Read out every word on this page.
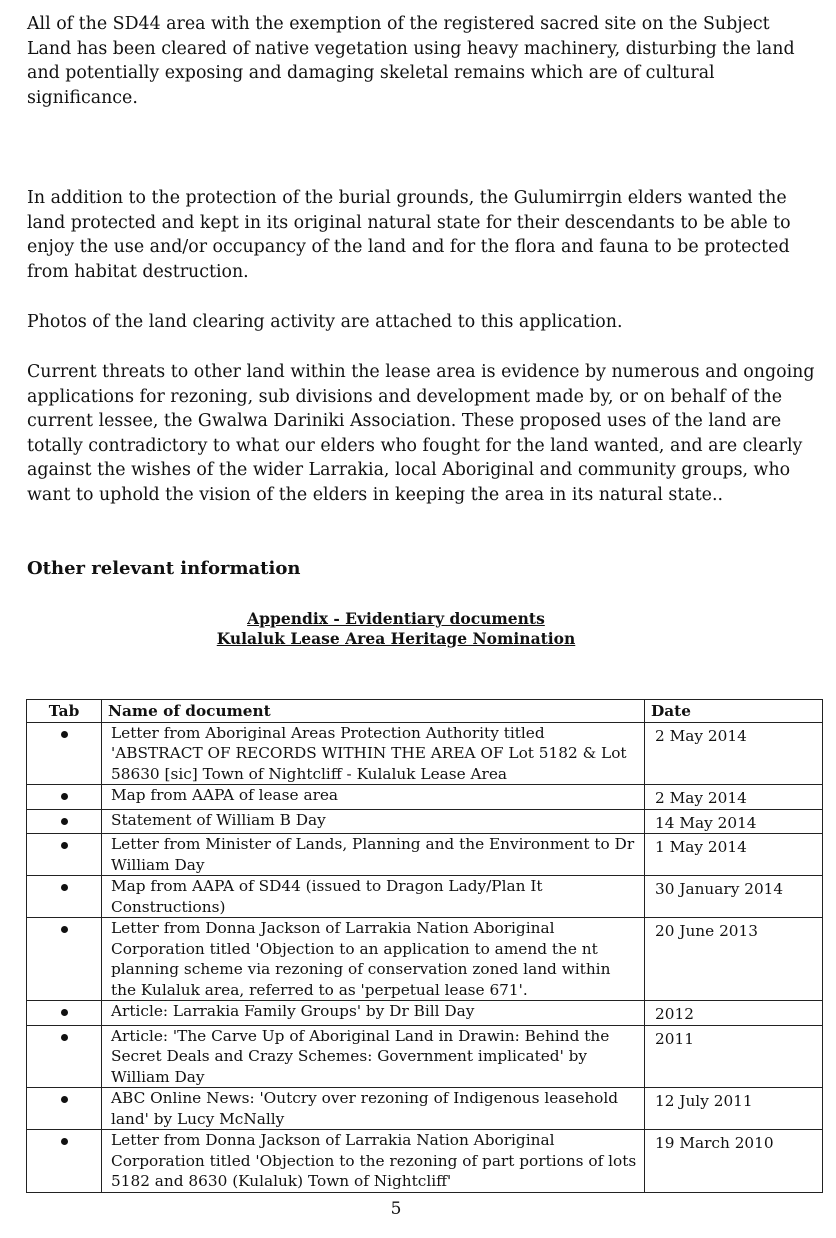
All of the SD44 area with the exemption of the registered sacred site on the Subject Land has been cleared of native vegetation using heavy machinery, disturbing the land and potentially exposing and damaging skeletal remains which are of cultural significance.

In addition to the protection of the burial grounds, the Gulumirrgin elders wanted the land protected and kept in its original natural state for their descendants to be able to enjoy the use and/or occupancy of the land and for the flora and fauna to be protected from habitat destruction.

Photos of the land clearing activity are attached to this application.

Current threats to other land within the lease area is evidence by numerous and ongoing applications for rezoning, sub divisions and development made by, or on behalf of the current lessee, the Gwalwa Dariniki Association. These proposed uses of the land are totally contradictory to what our elders who fought for the land wanted, and are clearly against the wishes of the wider Larrakia, local Aboriginal and community groups, who want to uphold the vision of the elders in keeping the area in its natural state..

Other relevant information

Appendix - Evidentiary documents

Kulaluk Lease Area Heritage Nomination

Tab	Name of document	Date
	Letter from Aboriginal Areas Protection Authority titled 'ABSTRACT OF RECORDS WITHIN THE AREA OF Lot 5182 & Lot 58630 [sic] Town of Nightcliff - Kulaluk Lease Area	2 May 2014
	Map from AAPA of lease area	2 May 2014
	Statement of William B Day	14 May 2014
	Letter from Minister of Lands, Planning and the Environment to Dr William Day	1 May 2014
	Map from AAPA of SD44 (issued to Dragon Lady/Plan It Constructions)	30 January 2014
	Letter from Donna Jackson of Larrakia Nation Aboriginal Corporation titled 'Objection to an application to amend the nt planning scheme via rezoning of conservation zoned land within the Kulaluk area, referred to as 'perpetual lease 671'.	20 June 2013
	Article: Larrakia Family Groups' by Dr Bill Day	2012
	Article: 'The Carve Up of Aboriginal Land in Drawin: Behind the Secret Deals and Crazy Schemes: Government implicated' by William Day	2011
	ABC Online News: 'Outcry over rezoning of Indigenous leasehold land' by Lucy McNally	12 July 2011
	Letter from Donna Jackson of Larrakia Nation Aboriginal Corporation titled 'Objection to the rezoning of part portions of lots 5182 and 8630 (Kulaluk) Town of Nightcliff'	19 March 2010
5
